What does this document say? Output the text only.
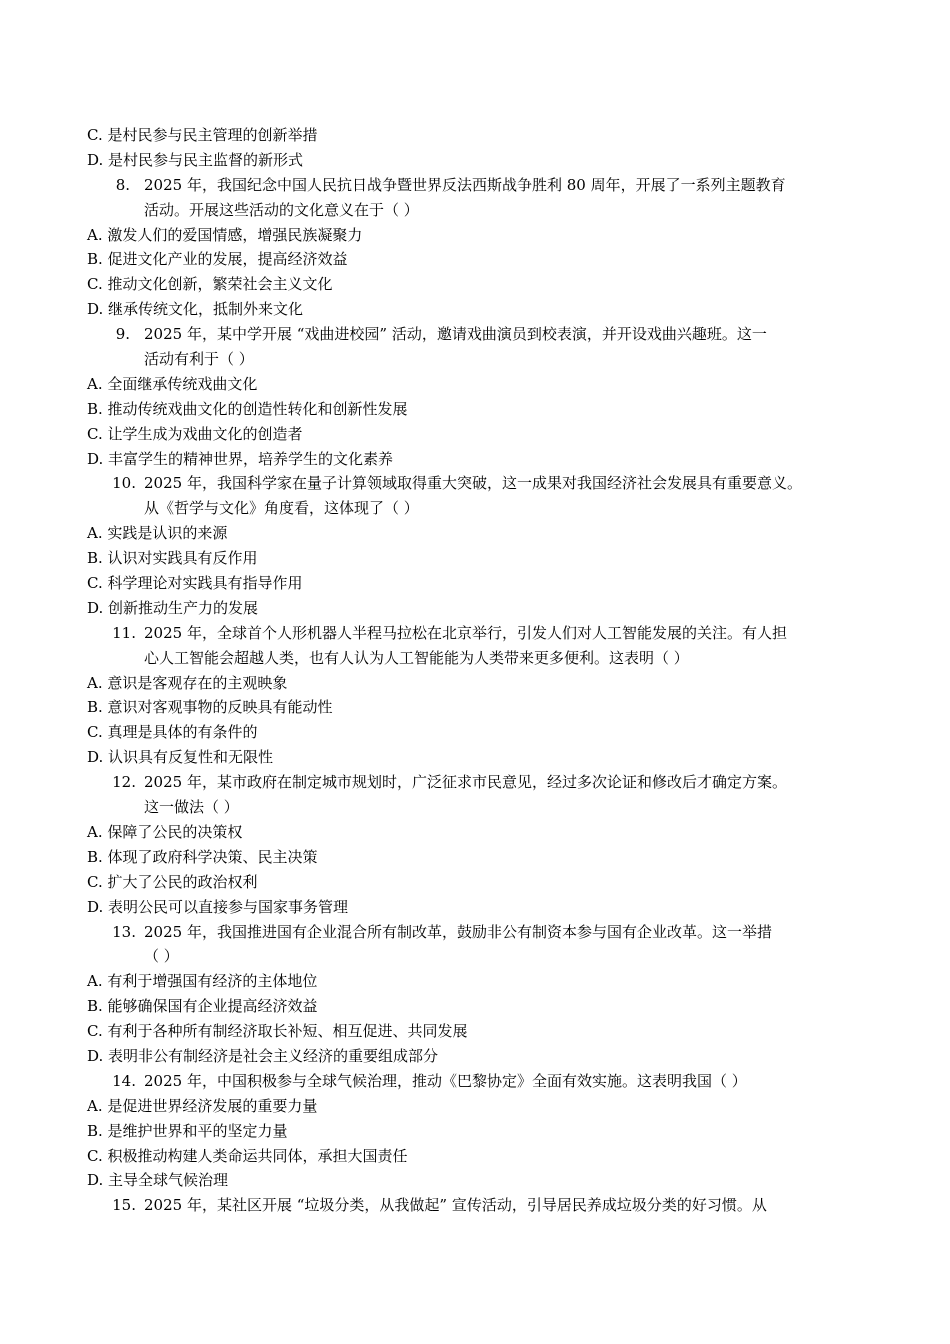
C. 是村民参与民主管理的创新举措
D. 是村民参与民主监督的新形式
8. 2025 年，我国纪念中国人民抗日战争暨世界反法西斯战争胜利 80 周年，开展了一系列主题教育
活动。开展这些活动的文化意义在于（ ）
A. 激发人们的爱国情感，增强民族凝聚力
B. 促进文化产业的发展，提高经济效益
C. 推动文化创新，繁荣社会主义文化
D. 继承传统文化，抵制外来文化
9. 2025 年，某中学开展 “戏曲进校园” 活动，邀请戏曲演员到校表演，并开设戏曲兴趣班。这一
活动有利于（ ）
A. 全面继承传统戏曲文化
B. 推动传统戏曲文化的创造性转化和创新性发展
C. 让学生成为戏曲文化的创造者
D. 丰富学生的精神世界，培养学生的文化素养
10. 2025 年，我国科学家在量子计算领域取得重大突破，这一成果对我国经济社会发展具有重要意义。
从《哲学与文化》角度看，这体现了（ ）
A. 实践是认识的来源
B. 认识对实践具有反作用
C. 科学理论对实践具有指导作用
D. 创新推动生产力的发展
11. 2025 年，全球首个人形机器人半程马拉松在北京举行，引发人们对人工智能发展的关注。有人担
心人工智能会超越人类，也有人认为人工智能能为人类带来更多便利。这表明（ ）
A. 意识是客观存在的主观映象
B. 意识对客观事物的反映具有能动性
C. 真理是具体的有条件的
D. 认识具有反复性和无限性
12. 2025 年，某市政府在制定城市规划时，广泛征求市民意见，经过多次论证和修改后才确定方案。
这一做法（ ）
A. 保障了公民的决策权
B. 体现了政府科学决策、民主决策
C. 扩大了公民的政治权利
D. 表明公民可以直接参与国家事务管理
13. 2025 年，我国推进国有企业混合所有制改革，鼓励非公有制资本参与国有企业改革。这一举措
（ ）
A. 有利于增强国有经济的主体地位
B. 能够确保国有企业提高经济效益
C. 有利于各种所有制经济取长补短、相互促进、共同发展
D. 表明非公有制经济是社会主义经济的重要组成部分
14. 2025 年，中国积极参与全球气候治理，推动《巴黎协定》全面有效实施。这表明我国（ ）
A. 是促进世界经济发展的重要力量
B. 是维护世界和平的坚定力量
C. 积极推动构建人类命运共同体，承担大国责任
D. 主导全球气候治理
15. 2025 年，某社区开展 “垃圾分类，从我做起” 宣传活动，引导居民养成垃圾分类的好习惯。从
